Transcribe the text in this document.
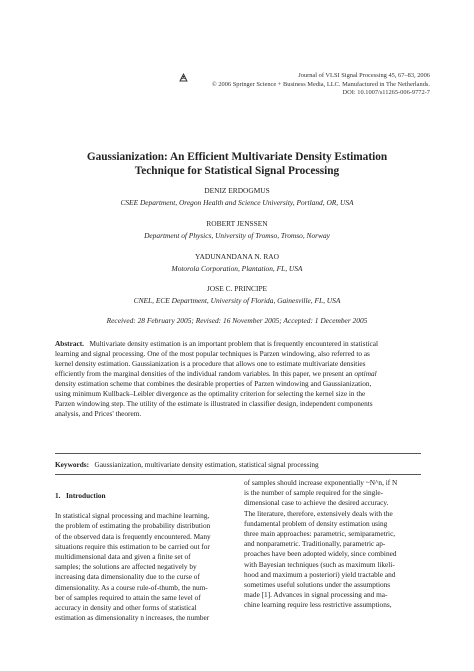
Journal of VLSI Signal Processing 45, 67–83, 2006
© 2006 Springer Science + Business Media, LLC. Manufactured in The Netherlands.
DOI: 10.1007/s11265-006-9772-7
Gaussianization: An Efficient Multivariate Density Estimation
Technique for Statistical Signal Processing
DENIZ ERDOGMUS
CSEE Department, Oregon Health and Science University, Portland, OR, USA
ROBERT JENSSEN
Department of Physics, University of Tromso, Tromso, Norway
YADUNANDANA N. RAO
Motorola Corporation, Plantation, FL, USA
JOSE C. PRINCIPE
CNEL, ECE Department, University of Florida, Gainesville, FL, USA
Received: 28 February 2005; Revised: 16 November 2005; Accepted: 1 December 2005
Abstract. Multivariate density estimation is an important problem that is frequently encountered in statistical
learning and signal processing. One of the most popular techniques is Parzen windowing, also referred to as
kernel density estimation. Gaussianization is a procedure that allows one to estimate multivariate densities
efficiently from the marginal densities of the individual random variables. In this paper, we present an optimal
density estimation scheme that combines the desirable properties of Parzen windowing and Gaussianization,
using minimum Kullback–Leibler divergence as the optimality criterion for selecting the kernel size in the
Parzen windowing step. The utility of the estimate is illustrated in classifier design, independent components
analysis, and Prices' theorem.
Keywords: Gaussianization, multivariate density estimation, statistical signal processing
1. Introduction
In statistical signal processing and machine learning,
the problem of estimating the probability distribution
of the observed data is frequently encountered. Many
situations require this estimation to be carried out for
multidimensional data and given a finite set of
samples; the solutions are affected negatively by
increasing data dimensionality due to the curse of
dimensionality. As a course rule-of-thumb, the num-
ber of samples required to attain the same level of
accuracy in density and other forms of statistical
estimation as dimensionality n increases, the number
of samples should increase exponentially ~N^n, if N
is the number of sample required for the single-
dimensional case to achieve the desired accuracy.
The literature, therefore, extensively deals with the
fundamental problem of density estimation using
three main approaches: parametric, semiparametric,
and nonparametric. Traditionally, parametric ap-
proaches have been adopted widely, since combined
with Bayesian techniques (such as maximum likeli-
hood and maximum a posteriori) yield tractable and
sometimes useful solutions under the assumptions
made [1]. Advances in signal processing and ma-
chine learning require less restrictive assumptions,
